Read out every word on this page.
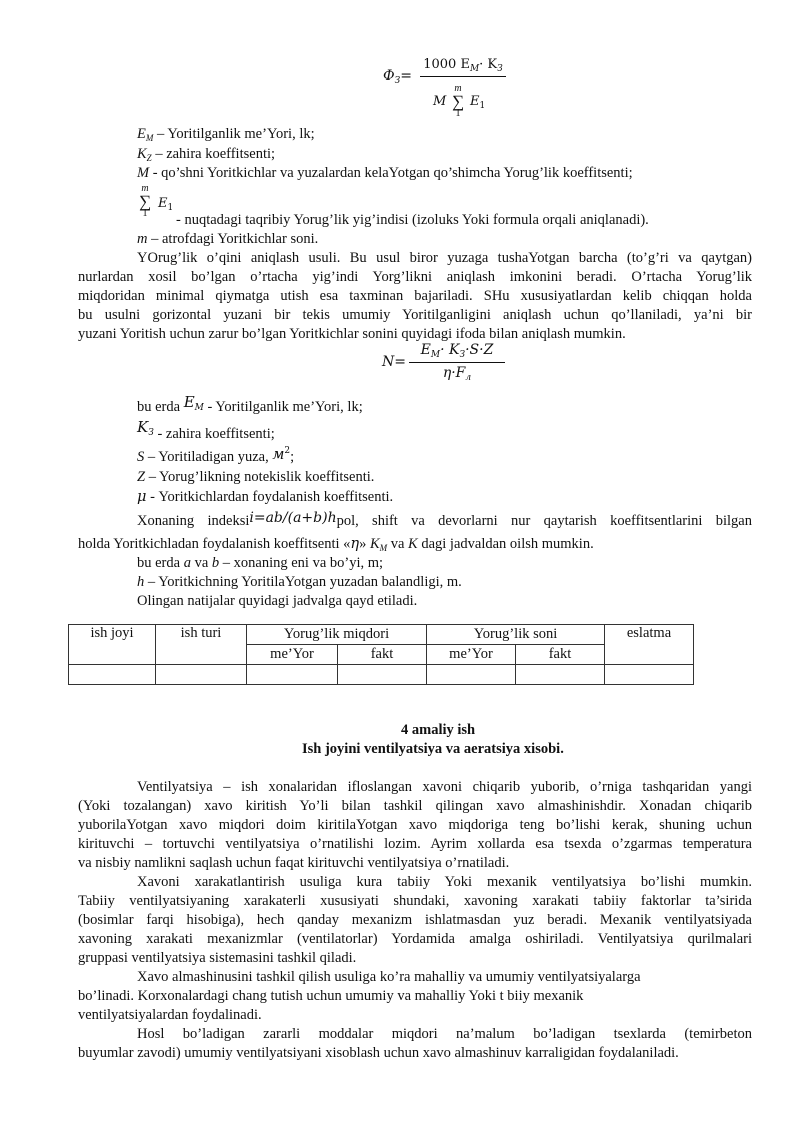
$Ф_З=$
1000 $E_M\cdot K_З$
M
m
∑
1
$E_1$
$E_M$ – Yoritilganlik me’Yori, lk;
$K_Z$ – zahira koeffitsenti;
M - qo’shni Yoritkichlar va yuzalardan kelaYotgan qo’shimcha Yorug’lik koeffitsenti;
m
∑
1
$E_1$
- nuqtadagi taqribiy Yorug’lik yig’indisi (izoluks Yoki formula orqali aniqlanadi).
m – atrofdagi Yoritkichlar soni.
YOrug’lik o’qini aniqlash usuli. Bu usul biror yuzaga tushaYotgan barcha (to’g’ri va qaytgan)
nurlardan xosil bo’lgan o’rtacha yig’indi Yorg’likni aniqlash imkonini beradi. O’rtacha Yorug’lik
miqdoridan minimal qiymatga utish esa taxminan bajariladi. SHu xususiyatlardan kelib chiqqan holda
bu usulni gorizontal yuzani bir tekis umumiy Yoritilganligini aniqlash uchun qo’llaniladi, ya’ni bir
yuzani Yoritish uchun zarur bo’lgan Yoritkichlar sonini quyidagi ifoda bilan aniqlash mumkin.
N=
$E_M\cdot K_З\cdot S\cdot Z$
$\eta\cdot F_л$
bu erda $E_M$ - Yoritilganlik me’Yori, lk;
$K_З$ - zahira koeffitsenti;
S – Yoritiladigan yuza, $м^2$;
Z – Yorug’likning notekislik koeffitsenti.
μ - Yoritkichlardan foydalanish koeffitsenti.
Xonaning indeksii=ab/(a+b)hpol, shift va devorlarni nur qaytarish koeffitsentlarini bilgan
holda Yoritkichladan foydalanish koeffitsenti «η» $K_M$ va K dagi jadvaldan oilsh mumkin.
bu erda a va b – xonaning eni va bo’yi, m;
h – Yoritkichning YoritilaYotgan yuzadan balandligi, m.
Olingan natijalar quyidagi jadvalga qayd etiladi.
ish joyi	ish turi	Yorug’lik miqdori		Yorug’lik soni		eslatma
		me’Yor	fakt	me’Yor	fakt	

4 amaliy ish
Ish joyini ventilyatsiya va aeratsiya xisobi.
Ventilyatsiya – ish xonalaridan ifloslangan xavoni chiqarib yuborib, o’rniga tashqaridan yangi
(Yoki tozalangan) xavo kiritish Yo’li bilan tashkil qilingan xavo almashinishdir. Xonadan chiqarib
yuborilaYotgan xavo miqdori doim kiritilaYotgan xavo miqdoriga teng bo’lishi kerak, shuning uchun
kirituvchi – tortuvchi ventilyatsiya o’rnatilishi lozim. Ayrim xollarda esa tsexda o’zgarmas temperatura
va nisbiy namlikni saqlash uchun faqat kirituvchi ventilyatsiya o’rnatiladi.
Xavoni xarakatlantirish usuliga kura tabiiy Yoki mexanik ventilyatsiya bo’lishi mumkin.
Tabiiy ventilyatsiyaning xarakaterli xususiyati shundaki, xavoning xarakati tabiiy faktorlar ta’sirida
(bosimlar farqi hisobiga), hech qanday mexanizm ishlatmasdan yuz beradi. Mexanik ventilyatsiyada
xavoning xarakati mexanizmlar (ventilatorlar) Yordamida amalga oshiriladi. Ventilyatsiya qurilmalari
gruppasi ventilyatsiya sistemasini tashkil qiladi.
Xavo almashinusini tashkil qilish usuliga ko’ra mahalliy va umumiy ventilyatsiyalarga
bo’linadi. Korxonalardagi chang tutish uchun umumiy va mahalliy Yoki t biiy mexanik
ventilyatsiyalardan foydalinadi.
Hosl bo’ladigan zararli moddalar miqdori na’malum bo’ladigan tsexlarda (temirbeton
buyumlar zavodi) umumiy ventilyatsiyani xisoblash uchun xavo almashinuv karraligidan foydalaniladi.
